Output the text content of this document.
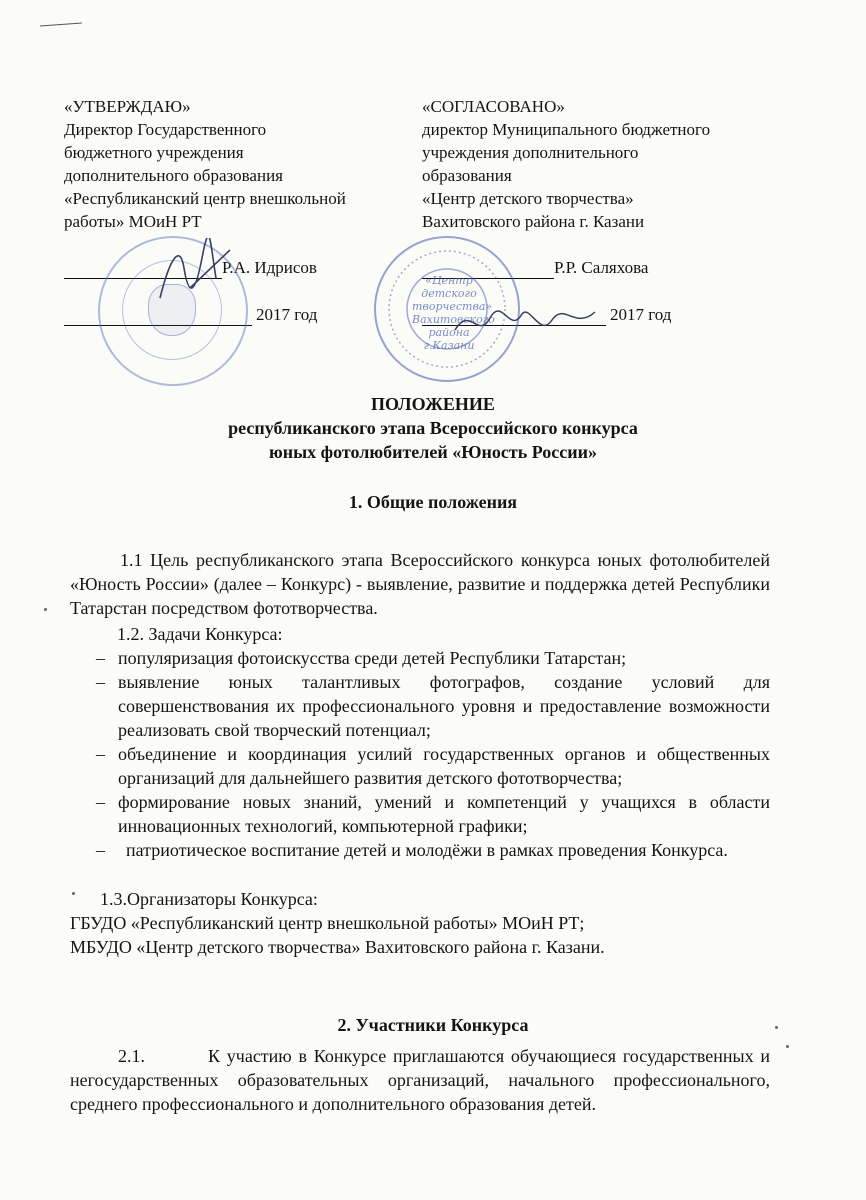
«УТВЕРЖДАЮ»

Директор Государственного

бюджетного учреждения

дополнительного образования

«Республиканский центр внешкольной

работы» МОиН РТ

Р.А. Идрисов
2017 год

«СОГЛАСОВАНО»

директор Муниципального бюджетного

учреждения дополнительного

образования

«Центр детского творчества»

Вахитовского района г. Казани

Р.Р. Саляхова
2017 год
«Центр
детского
творчества»
Вахитовского
района
г.Казани

ПОЛОЖЕНИЕ

республиканского этапа Всероссийского конкурса

юных фотолюбителей «Юность России»

1. Общие положения

1.1 Цель республиканского этапа Всероссийского конкурса юных фотолюбителей «Юность России» (далее – Конкурс) - выявление, развитие и поддержка детей Республики Татарстан посредством фототворчества.

1.2. Задачи Конкурса:

– популяризация фотоискусства среди детей Республики Татарстан;
– выявление юных талантливых фотографов, создание условий для совершенствования их профессионального уровня и предоставление возможности реализовать свой творческий потенциал;
– объединение и координация усилий государственных органов и общественных организаций для дальнейшего развития детского фототворчества;
– формирование новых знаний, умений и компетенций у учащихся в области инновационных технологий, компьютерной графики;
– патриотическое воспитание детей и молодёжи в рамках проведения Конкурса.

1.3.Организаторы Конкурса:

ГБУДО «Республиканский центр внешкольной работы» МОиН РТ;

МБУДО «Центр детского творчества» Вахитовского района г. Казани.

2. Участники Конкурса

2.1.	К участию в Конкурсе приглашаются обучающиеся государственных и негосударственных образовательных организаций, начального профессионального, среднего профессионального и дополнительного образования детей.
